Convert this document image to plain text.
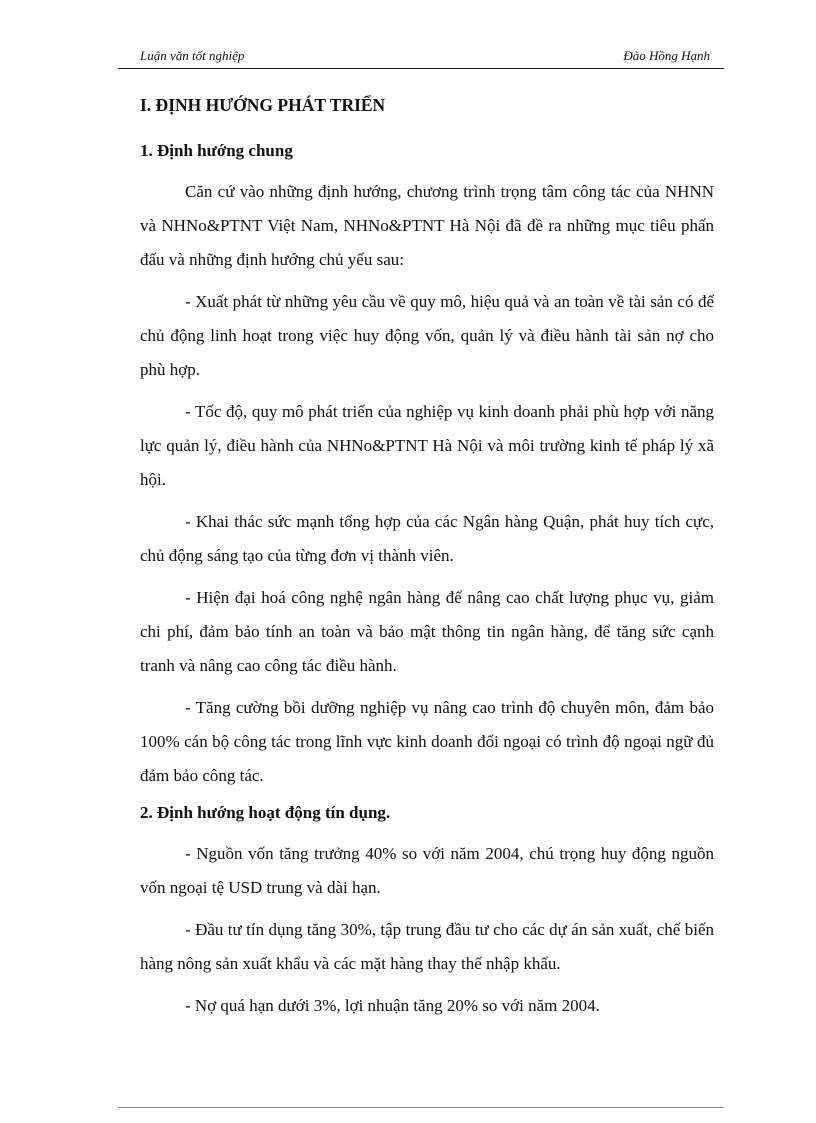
Luận văn tốt nghiệp	Đào Hồng Hạnh
I. ĐỊNH HƯỚNG PHÁT TRIỂN
1. Định hướng chung

Căn cứ vào những định hướng, chương trình trọng tâm công tác của NHNN và NHNo&PTNT Việt Nam, NHNo&PTNT Hà Nội đã đề ra những mục tiêu phấn đấu và những định hướng chủ yếu sau:

- Xuất phát từ những yêu cầu về quy mô, hiệu quả và an toàn về tài sản có để chủ động linh hoạt trong việc huy động vốn, quản lý và điều hành tài sản nợ cho phù hợp.

- Tốc độ, quy mô phát triển của nghiệp vụ kinh doanh phải phù hợp với năng lực quản lý, điều hành của NHNo&PTNT Hà Nội và môi trường kinh tế pháp lý xã hội.

- Khai thác sức mạnh tổng hợp của các Ngân hàng Quận, phát huy tích cực, chủ động sáng tạo của từng đơn vị thành viên.

- Hiện đại hoá công nghệ ngân hàng để nâng cao chất lượng phục vụ, giảm chi phí, đảm bảo tính an toàn và bảo mật thông tin ngân hàng, để tăng sức cạnh tranh và nâng cao công tác điều hành.

- Tăng cường bồi dưỡng nghiệp vụ nâng cao trình độ chuyên môn, đảm bảo 100% cán bộ công tác trong lĩnh vực kinh doanh đối ngoại có trình độ ngoại ngữ đủ đảm bảo công tác.

2. Định hướng hoạt động tín dụng.

- Nguồn vốn tăng trưởng 40% so với năm 2004, chú trọng huy động nguồn vốn ngoại tệ USD trung và dài hạn.

- Đầu tư tín dụng tăng 30%, tập trung đầu tư cho các dự án sản xuất, chế biến hàng nông sản xuất khẩu và các mặt hàng thay thế nhập khẩu.

- Nợ quá hạn dưới 3%, lợi nhuận tăng 20% so với năm 2004.
